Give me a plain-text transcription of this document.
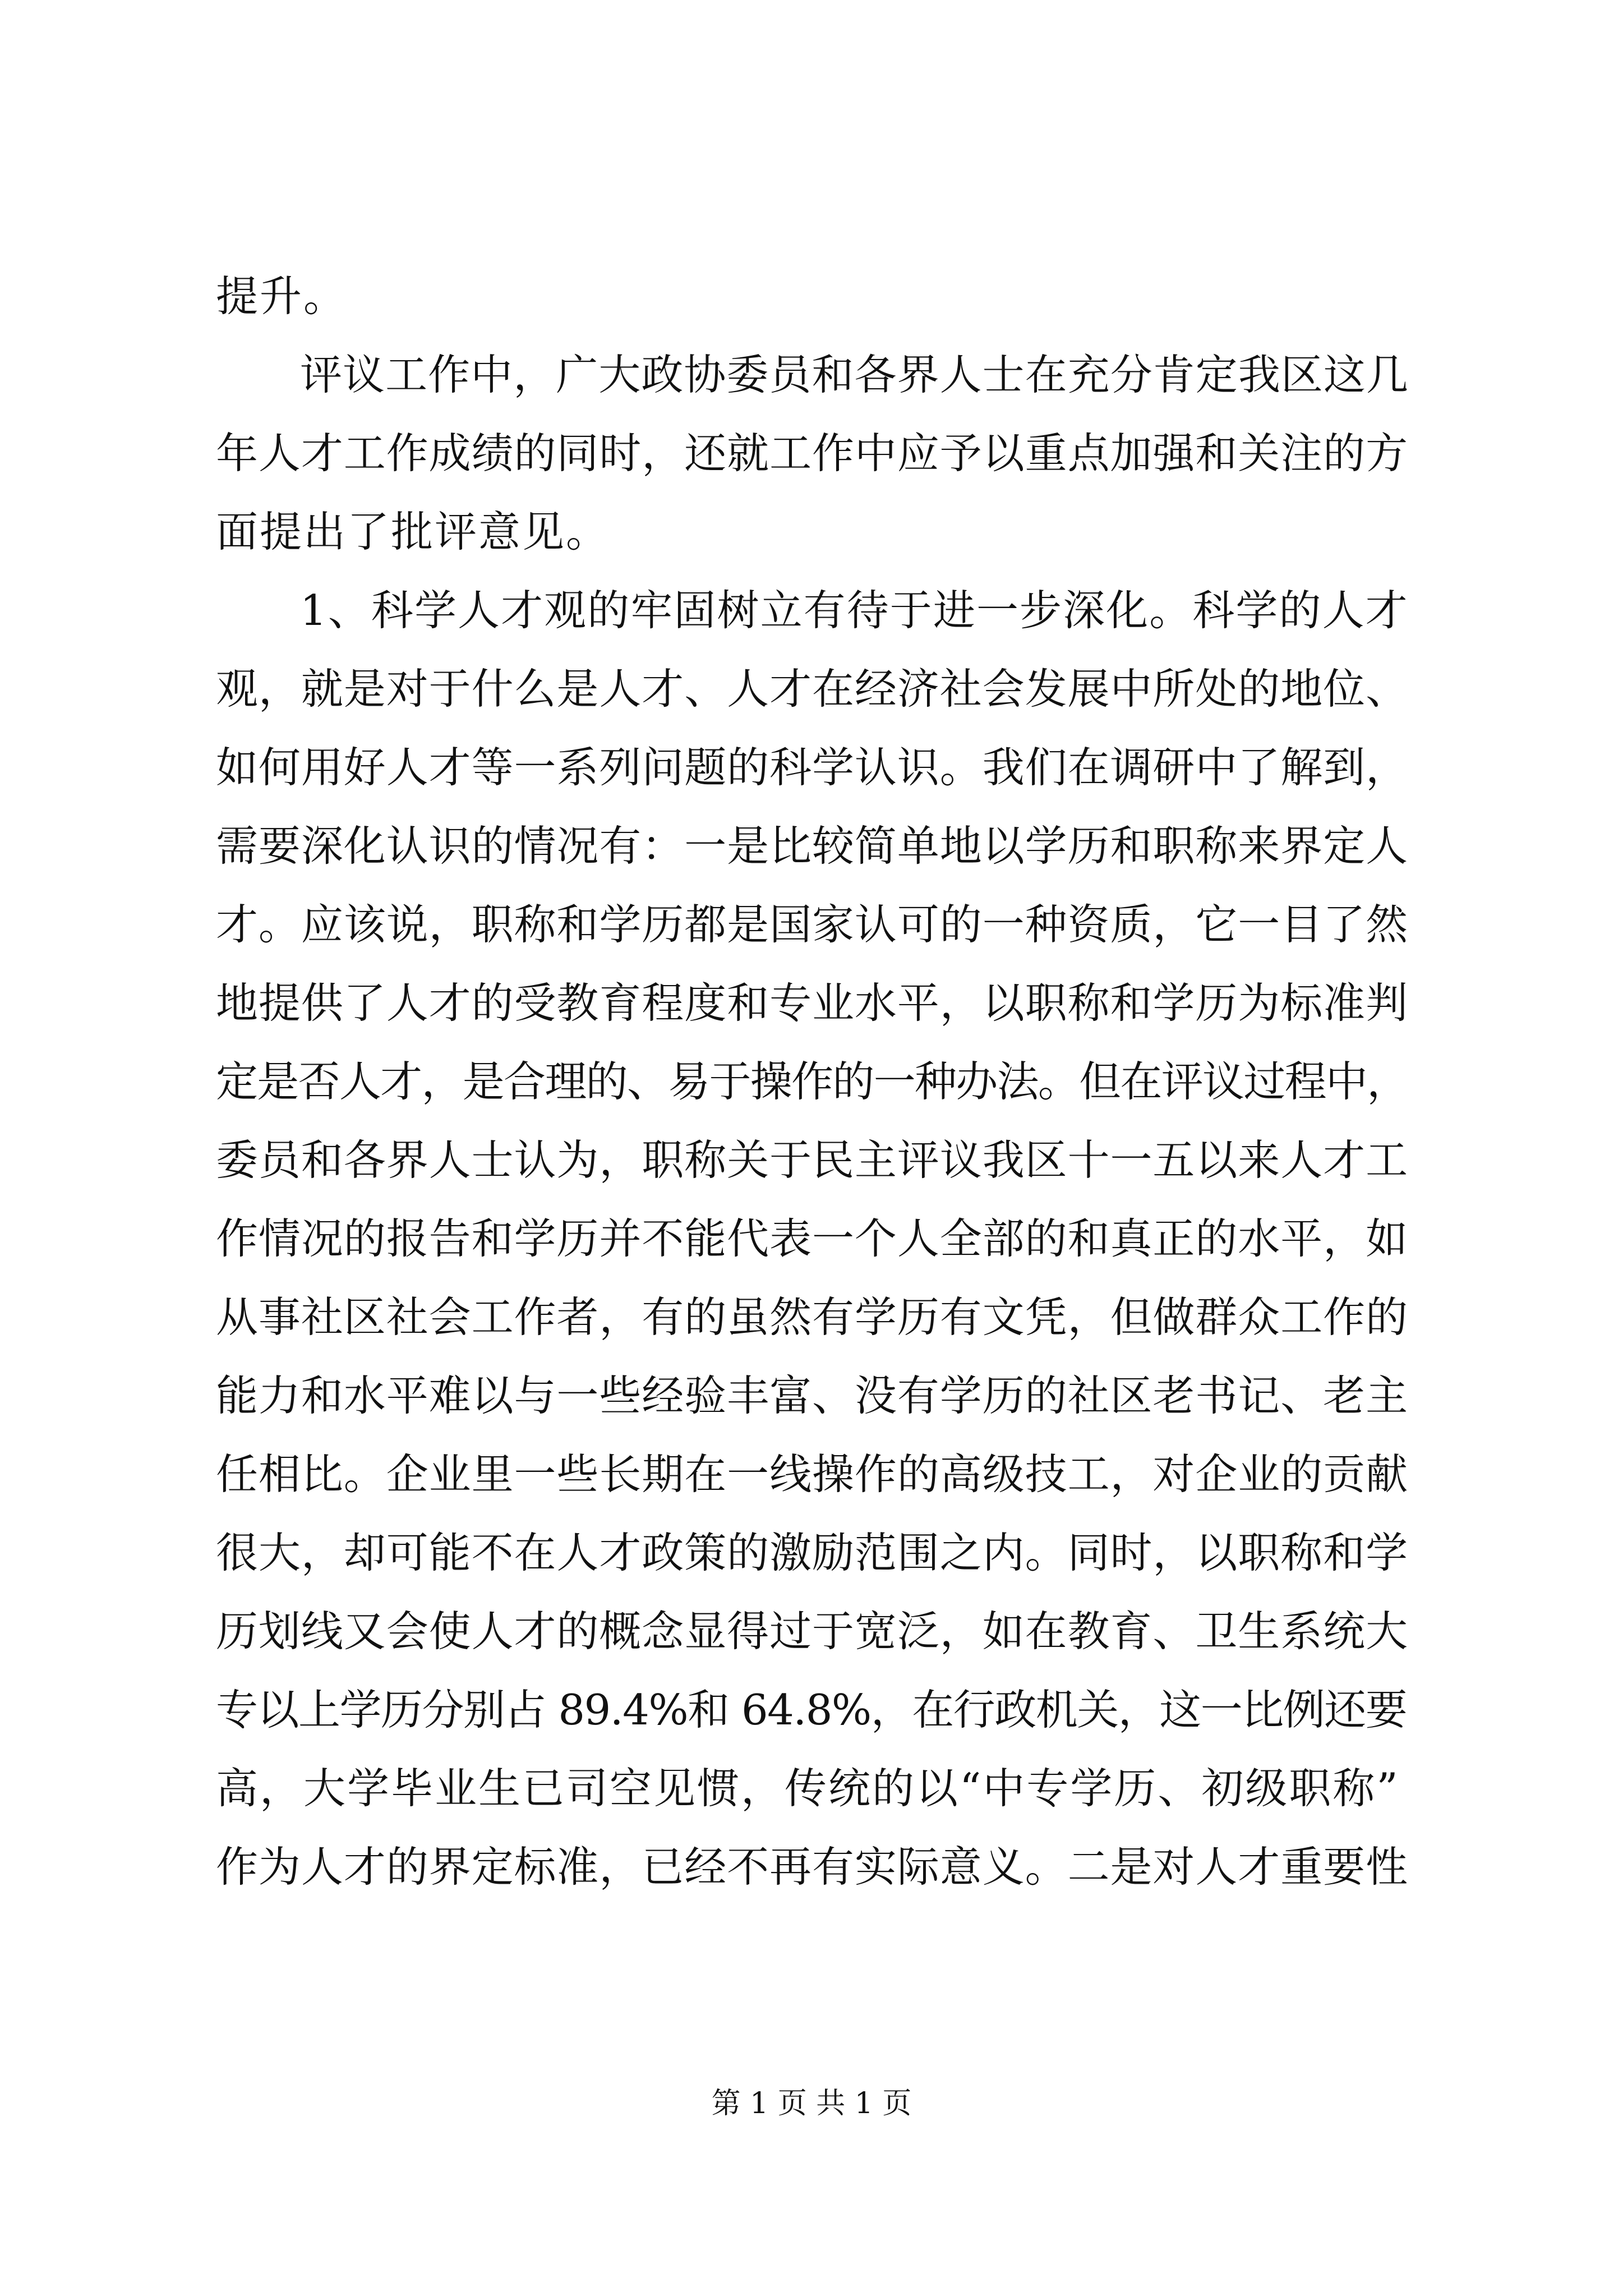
提升。
评议工作中，广大政协委员和各界人士在充分肯定我区这几
年人才工作成绩的同时，还就工作中应予以重点加强和关注的方
面提出了批评意见。
1、科学人才观的牢固树立有待于进一步深化。科学的人才
观，就是对于什么是人才、人才在经济社会发展中所处的地位、
如何用好人才等一系列问题的科学认识。我们在调研中了解到，
需要深化认识的情况有：一是比较简单地以学历和职称来界定人
才。应该说，职称和学历都是国家认可的一种资质，它一目了然
地提供了人才的受教育程度和专业水平，以职称和学历为标准判
定是否人才，是合理的、易于操作的一种办法。但在评议过程中，
委员和各界人士认为，职称关于民主评议我区十一五以来人才工
作情况的报告和学历并不能代表一个人全部的和真正的水平，如
从事社区社会工作者，有的虽然有学历有文凭，但做群众工作的
能力和水平难以与一些经验丰富、没有学历的社区老书记、老主
任相比。企业里一些长期在一线操作的高级技工，对企业的贡献
很大，却可能不在人才政策的激励范围之内。同时，以职称和学
历划线又会使人才的概念显得过于宽泛，如在教育、卫生系统大
专以上学历分别占 89.4%和 64.8%，在行政机关，这一比例还要
高，大学毕业生已司空见惯，传统的以“中专学历、初级职称”
作为人才的界定标准，已经不再有实际意义。二是对人才重要性
第 1 页 共 1 页
